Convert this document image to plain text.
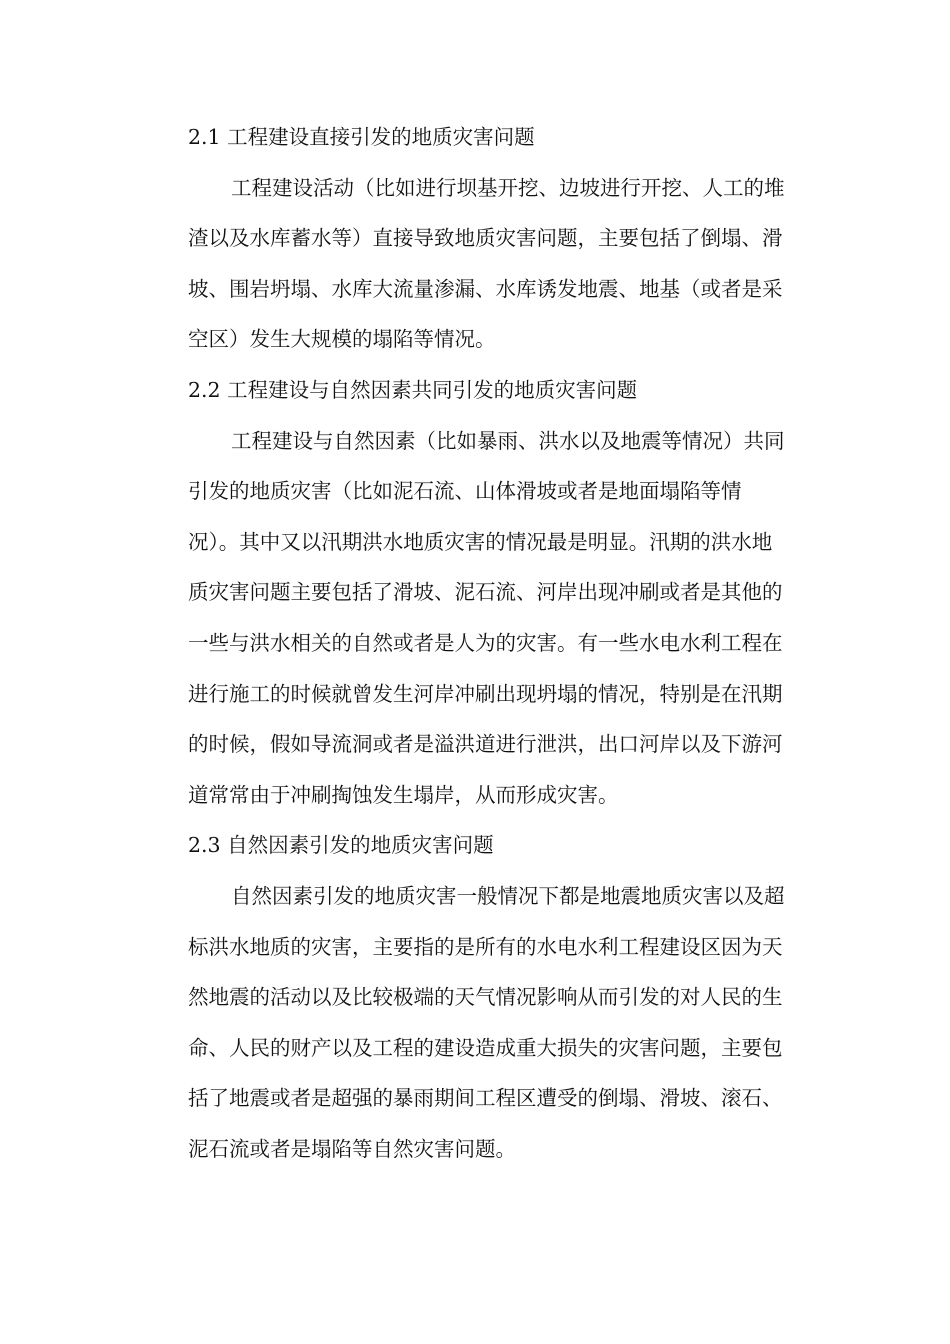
2.1 工程建设直接引发的地质灾害问题

工程建设活动（比如进行坝基开挖、边坡进行开挖、人工的堆
渣以及水库蓄水等）直接导致地质灾害问题，主要包括了倒塌、滑
坡、围岩坍塌、水库大流量渗漏、水库诱发地震、地基（或者是采
空区）发生大规模的塌陷等情况。

2.2 工程建设与自然因素共同引发的地质灾害问题

工程建设与自然因素（比如暴雨、洪水以及地震等情况）共同
引发的地质灾害（比如泥石流、山体滑坡或者是地面塌陷等情
况）。其中又以汛期洪水地质灾害的情况最是明显。汛期的洪水地
质灾害问题主要包括了滑坡、泥石流、河岸出现冲刷或者是其他的
一些与洪水相关的自然或者是人为的灾害。有一些水电水利工程在
进行施工的时候就曾发生河岸冲刷出现坍塌的情况，特别是在汛期
的时候，假如导流洞或者是溢洪道进行泄洪，出口河岸以及下游河
道常常由于冲刷掏蚀发生塌岸，从而形成灾害。

2.3 自然因素引发的地质灾害问题

自然因素引发的地质灾害一般情况下都是地震地质灾害以及超
标洪水地质的灾害，主要指的是所有的水电水利工程建设区因为天
然地震的活动以及比较极端的天气情况影响从而引发的对人民的生
命、人民的财产以及工程的建设造成重大损失的灾害问题，主要包
括了地震或者是超强的暴雨期间工程区遭受的倒塌、滑坡、滚石、
泥石流或者是塌陷等自然灾害问题。
